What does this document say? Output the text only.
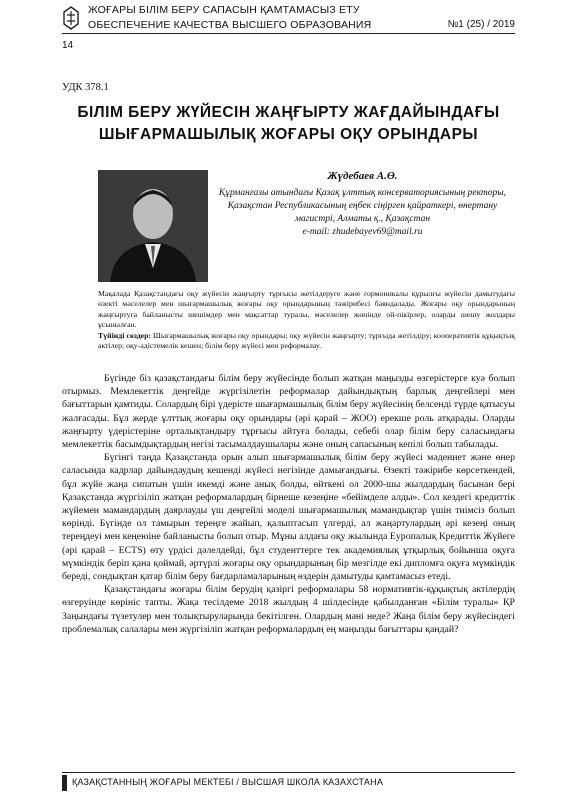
ЖОҒАРЫ БІЛІМ БЕРУ САПАСЫН ҚАМТАМАСЫЗ ЕТУ
ОБЕСПЕЧЕНИЕ КАЧЕСТВА ВЫСШЕГО ОБРАЗОВАНИЯ	№1 (25) / 2019
14
УДК 378.1
БІЛІМ БЕРУ ЖҮЙЕСІН ЖАҢҒЫРТУ ЖАҒДАЙЫНДАҒЫ ШЫҒАРМАШЫЛЫҚ ЖОҒАРЫ ОҚУ ОРЫНДАРЫ
Жүдебаев А.Ө.
Құрманғазы атындағы Қазақ ұлттық консерваториясының ректоры, Қазақстан Республикасының еңбек сіңірген қайраткері, өнертану магистрі, Алматы қ., Қазақстан
e-mail: zhudebayev69@mail.ru
Мақалада Қазақстандағы оқу жүйесін жаңғырту тұрғысы жетілдеруге және гормоникалы құрылғы жүйесін дамытудағы өзекті мәселелер мен шығармашылық жоғары оқу орындарының тәжірибесі баяндалады. Жоғары оқу орындарының жаңғыртуға байланысты шешімдер мен мақсаттар туралы, мәселелер жөнінде ой-пікірлер, оларды шешу жолдары ұсынылған.
Түйінді сөздер: Шығармашылық жоғары оқу орындары; оқу жүйесін жаңғырту; тұрғыда жетілдіру; кооперативтік құқықтық актілер; оқу-әдістемелік кешен; білім беру жүйесі мен реформалау.

Бүгінде біз қазақстандағы білім беру жүйесінде болып жатқан маңызды өзгерістерге куә болып отырмыз. Мемлекеттік деңгейде жүргізілетін реформалар дайындықтың барлық деңгейлері мен бағыттарын қамтиды. Солардың бірі үдерісте шығармашылық білім беру жүйесінің белсенді түрде қатысуы жалғасады. Бұл жерде ұлттық жоғары оқу орындары (әрі қарай – ЖОО) ерекше роль атқарады. Оларды жаңғырту үдерістеріне орталықтандыру тұрғысы айтуға болады, себебі олар білім беру саласындағы мемлекеттік басымдықтардың негізі тасымалдаушылары және оның сапасының кепілі болып табылады.

Бүгінгі таңда Қазақстанда орын алып шығармашылық білім беру жүйесі мәдениет және өнер саласында кадрлар дайындаудың кешенді жүйесі негізінде дамығандығы. Өзекті тәжірибе көрсеткендей, бұл жүйе жаңа сипатын үшін икемді және анық болды, өйткені ол 2000-шы жылдардың басынан бері Қазақстанда жүргізіліп жатқан реформалардың бірнеше кезеңіне «бейімделе алды». Сол кездегі кредиттік жүйемен мамандардың даярлауды үш деңгейлі моделі шығармашылық мамандықтар үшін тиімсіз болып көрінді. Бүгінде ол тамырын тереңге жайып, қалыптасып үлгерді, ал жаңартулардың әрі кезеңі оның тереңдеуі мен кеңеюіне байланысты болып отыр. Мұны алдағы оқу жылында Еуропалық Кредиттік Жүйеге (әрі қарай – ECTS) өту үрдісі дәлелдейді, бұл студенттерге тек академиялық ұтқырлық бойынша оқуға мүмкіндік беріп қана қоймай, әртүрлі жоғары оқу орындарының бір мезгілде екі дипломға оқуға мүмкіндік береді, сондықтан қатар білім беру бағдарламаларының өздерін дамытуды қамтамасыз етеді.

Қазақстандағы жоғары білім берудің қазіргі реформалары 58 нормативтік-құқықтық актілердің өзгеруінде көрініс тапты. Жақа тесілдеме 2018 жылдың 4 шілдесінде қабылданған «Білім туралы» ҚР Заңындағы түзетулер мен толықтыруларында бекітілген. Олардың мәні неде? Жаңа білім беру жүйесіндегі проблемалық салалары мен жүргізіліп жатқан реформалардың ең маңызды бағыттары қандай?

ҚАЗАҚСТАННЫҢ ЖОҒАРЫ МЕКТЕБІ / ВЫСШАЯ ШКОЛА КАЗАХСТАНА
